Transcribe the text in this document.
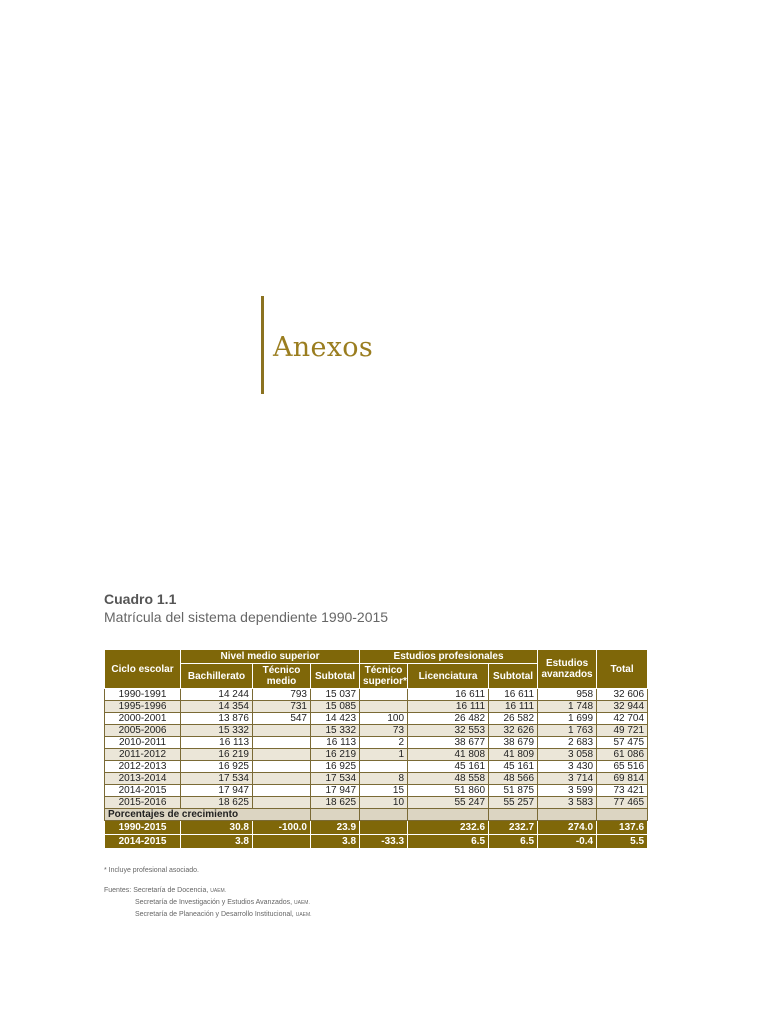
Anexos
Cuadro 1.1
Matrícula del sistema dependiente 1990-2015
Ciclo escolar	Nivel medio superior			Estudios profesionales			Estudios avanzados	Total
	Bachillerato	Técnico medio	Subtotal	Técnico superior*	Licenciatura	Subtotal		
1990-1991	14 244	793	15 037		16 611	16 611	958	32 606
1995-1996	14 354	731	15 085		16 111	16 111	1 748	32 944
2000-2001	13 876	547	14 423	100	26 482	26 582	1 699	42 704
2005-2006	15 332		15 332	73	32 553	32 626	1 763	49 721
2010-2011	16 113		16 113	2	38 677	38 679	2 683	57 475
2011-2012	16 219		16 219	1	41 808	41 809	3 058	61 086
2012-2013	16 925		16 925		45 161	45 161	3 430	65 516
2013-2014	17 534		17 534	8	48 558	48 566	3 714	69 814
2014-2015	17 947		17 947	15	51 860	51 875	3 599	73 421
2015-2016	18 625		18 625	10	55 247	55 257	3 583	77 465
Porcentajes de crecimiento								
1990-2015	30.8	-100.0	23.9		232.6	232.7	274.0	137.6
2014-2015	3.8		3.8	-33.3	6.5	6.5	-0.4	5.5
* Incluye profesional asociado.
Fuentes: Secretaría de Docencia, UAEM.
Secretaría de Investigación y Estudios Avanzados, UAEM.
Secretaría de Planeación y Desarrollo Institucional, UAEM.
